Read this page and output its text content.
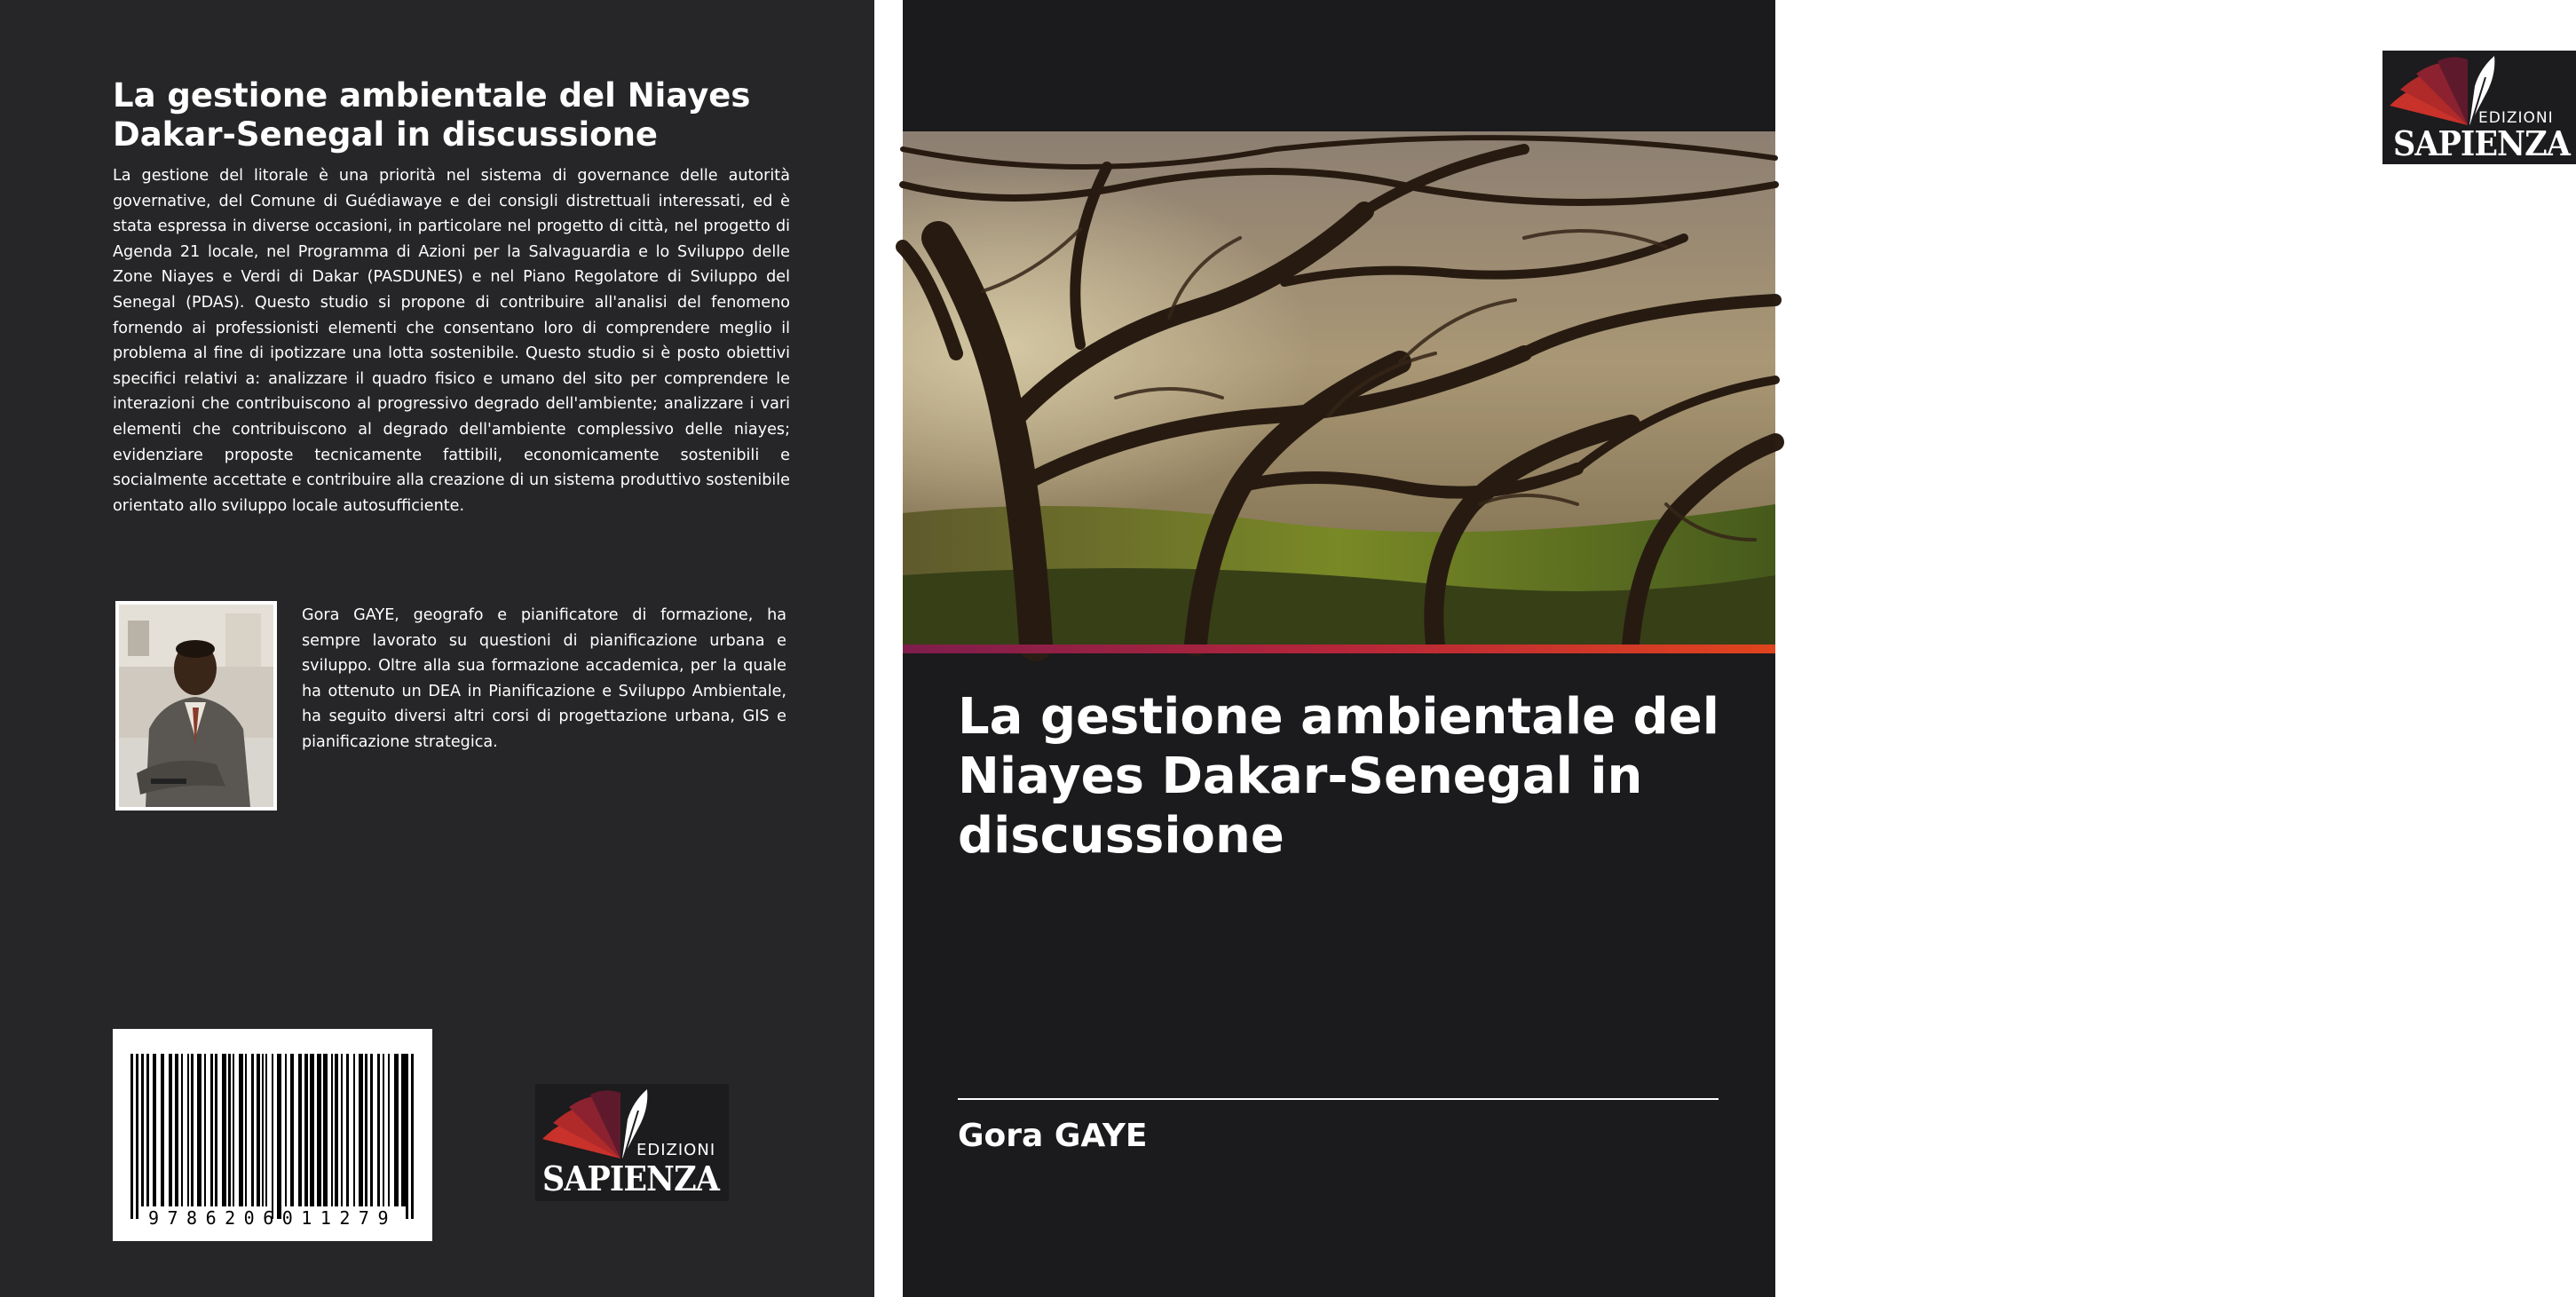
La gestione ambientale del Niayes Dakar-Senegal in discussione

La gestione del litorale è una priorità nel sistema di governance delle autorità governative, del Comune di Guédiawaye e dei consigli distrettuali interessati, ed è stata espressa in diverse occasioni, in particolare nel progetto di città, nel progetto di Agenda 21 locale, nel Programma di Azioni per la Salvaguardia e lo Sviluppo delle Zone Niayes e Verdi di Dakar (PASDUNES) e nel Piano Regolatore di Sviluppo del Senegal (PDAS). Questo studio si propone di contribuire all'analisi del fenomeno fornendo ai professionisti elementi che consentano loro di comprendere meglio il problema al fine di ipotizzare una lotta sostenibile. Questo studio si è posto obiettivi specifici relativi a: analizzare il quadro fisico e umano del sito per comprendere le interazioni che contribuiscono al progressivo degrado dell'ambiente; analizzare i vari elementi che contribuiscono al degrado dell'ambiente complessivo delle niayes; evidenziare proposte tecnicamente fattibili, economicamente sostenibili e socialmente accettate e contribuire alla creazione di un sistema produttivo sostenibile orientato allo sviluppo locale autosufficiente.

Gora GAYE, geografo e pianificatore di formazione, ha sempre lavorato su questioni di pianificazione urbana e sviluppo. Oltre alla sua formazione accademica, per la quale ha ottenuto un DEA in Pianificazione e Sviluppo Ambientale, ha seguito diversi altri corsi di progettazione urbana, GIS e pianificazione strategica.

9786206011279
EDIZIONI
SAPIENZA
EDIZIONI
SAPIENZA
La gestione ambientale del Niayes Dakar-Senegal in discussione

Gora GAYE
